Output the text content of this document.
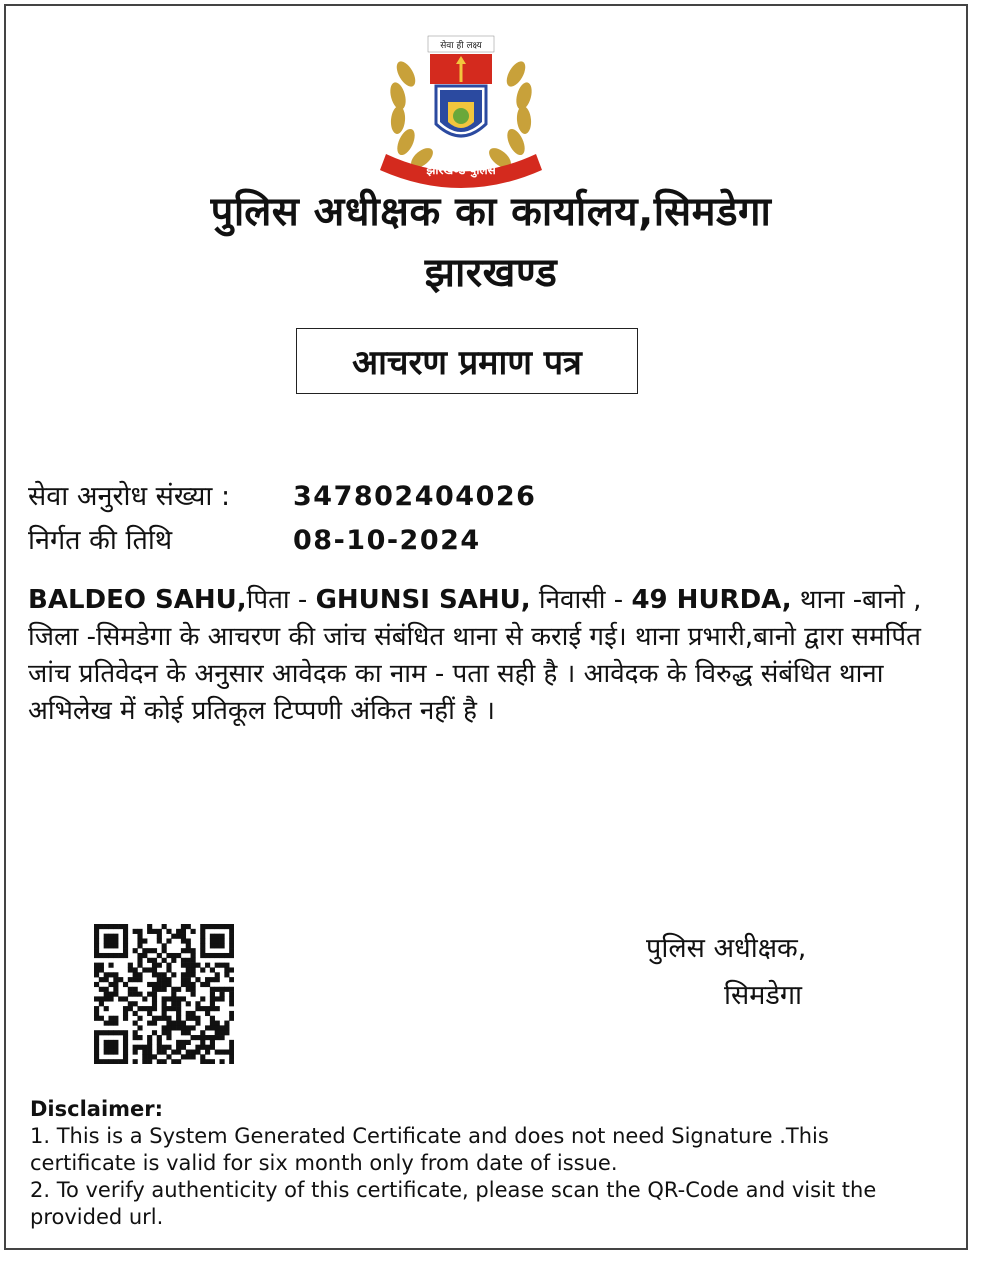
सेवा ही लक्ष्य
झारखण्ड पुलिस
पुलिस अधीक्षक का कार्यालय,सिमडेगा
झारखण्ड
आचरण प्रमाण पत्र
सेवा अनुरोध संख्या : 347802404026
निर्गत की तिथि	08-10-2024
BALDEO SAHU,पिता - GHUNSI SAHU, निवासी - 49 HURDA, थाना -बानो , जिला -सिमडेगा के आचरण की जांच संबंधित थाना से कराई गई। थाना प्रभारी,बानो द्वारा समर्पित जांच प्रतिवेदन के अनुसार आवेदक का नाम - पता सही है । आवेदक के विरुद्ध संबंधित थाना अभिलेख में कोई प्रतिकूल टिप्पणी अंकित नहीं है ।
पुलिस अधीक्षक,
सिमडेगा
Disclaimer:
1. This is a System Generated Certificate and does not need Signature .This certificate is valid for six month only from date of issue.
2. To verify authenticity of this certificate, please scan the QR-Code and visit the provided url.
